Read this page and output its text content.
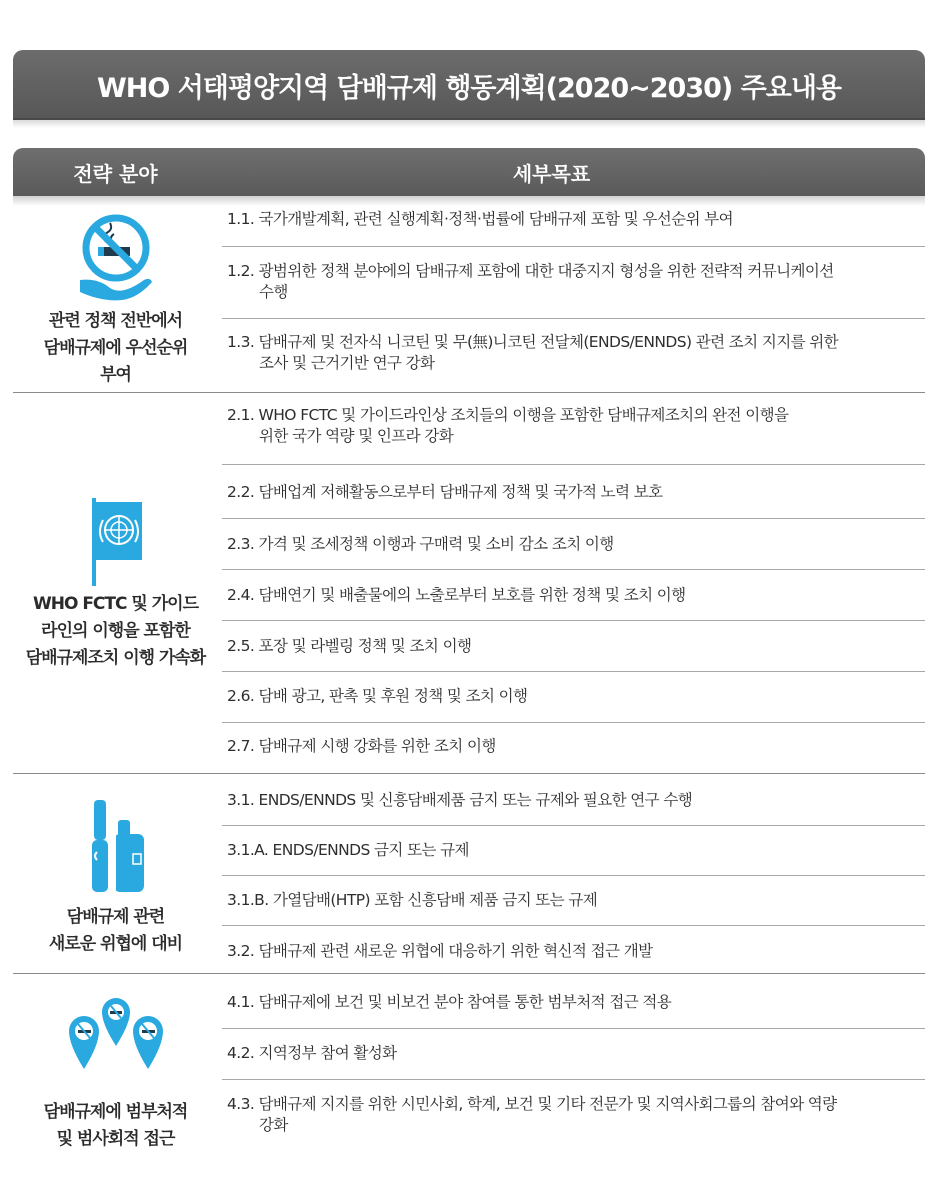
WHO 서태평양지역 담배규제 행동계획(2020~2030) 주요내용
전략 분야	세부목표
관련 정책 전반에서
담배규제에 우선순위
부여
1.1. 국가개발계획, 관련 실행계획·정책·법률에 담배규제 포함 및 우선순위 부여
1.2. 광범위한 정책 분야에의 담배규제 포함에 대한 대중지지 형성을 위한 전략적 커뮤니케이션
수행
1.3. 담배규제 및 전자식 니코틴 및 무(無)니코틴 전달체(ENDS/ENNDS) 관련 조치 지지를 위한
조사 및 근거기반 연구 강화
WHO FCTC 및 가이드
라인의 이행을 포함한
담배규제조치 이행 가속화
2.1. WHO FCTC 및 가이드라인상 조치들의 이행을 포함한 담배규제조치의 완전 이행을
위한 국가 역량 및 인프라 강화
2.2. 담배업계 저해활동으로부터 담배규제 정책 및 국가적 노력 보호
2.3. 가격 및 조세정책 이행과 구매력 및 소비 감소 조치 이행
2.4. 담배연기 및 배출물에의 노출로부터 보호를 위한 정책 및 조치 이행
2.5. 포장 및 라벨링 정책 및 조치 이행
2.6. 담배 광고, 판촉 및 후원 정책 및 조치 이행
2.7. 담배규제 시행 강화를 위한 조치 이행
담배규제 관련
새로운 위협에 대비
3.1. ENDS/ENNDS 및 신흥담배제품 금지 또는 규제와 필요한 연구 수행
3.1.A. ENDS/ENNDS 금지 또는 규제
3.1.B. 가열담배(HTP) 포함 신흥담배 제품 금지 또는 규제
3.2. 담배규제 관련 새로운 위협에 대응하기 위한 혁신적 접근 개발
담배규제에 범부처적
및 범사회적 접근
4.1. 담배규제에 보건 및 비보건 분야 참여를 통한 범부처적 접근 적용
4.2. 지역정부 참여 활성화
4.3. 담배규제 지지를 위한 시민사회, 학계, 보건 및 기타 전문가 및 지역사회그룹의 참여와 역량
강화
